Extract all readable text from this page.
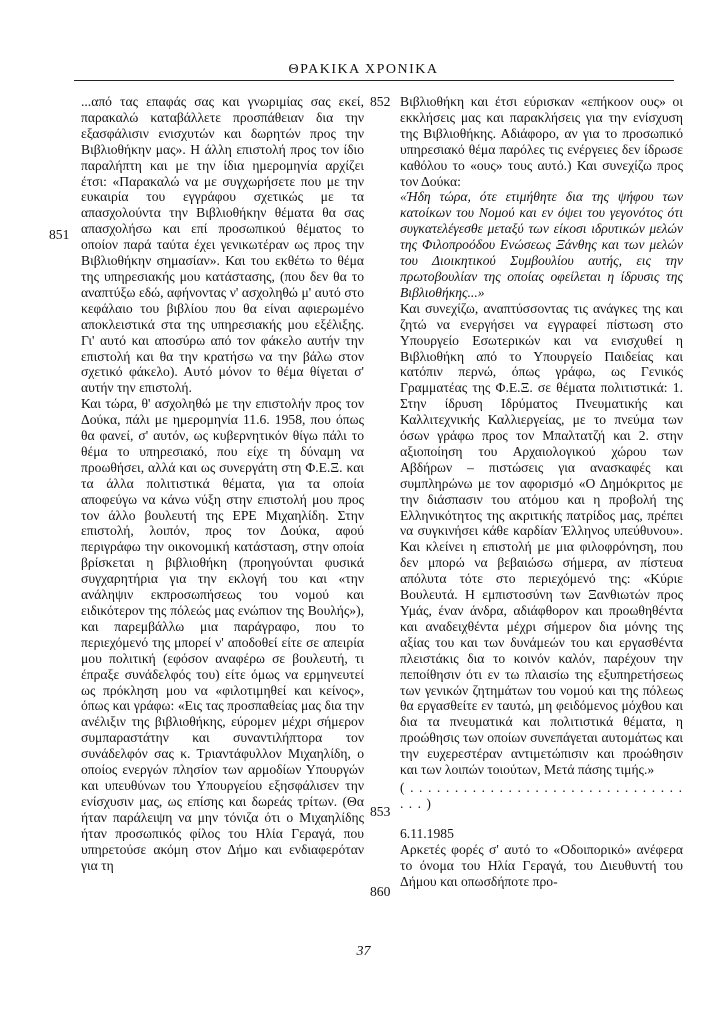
ΘΡΑΚΙΚΑ ΧΡΟΝΙΚΑ
851
852
853
860

...από τας επαφάς σας και γνωριμίας σας εκεί, παρακαλώ καταβάλλετε προσπάθειαν δια την εξασφάλισιν ενισχυτών και δωρητών προς την Βιβλιοθήκην μας». Η άλλη επιστολή προς τον ίδιο παραλήπτη και με την ίδια ημερομηνία αρχίζει έτσι: «Παρακαλώ να με συγχωρήσετε που με την ευκαιρία του εγγράφου σχετικώς με τα απασχολούντα την Βιβλιοθήκην θέματα θα σας απασχολήσω και επί προσωπικού θέματος το οποίον παρά ταύτα έχει γενικωτέραν ως προς την Βιβλιοθήκην σημασίαν». Και του εκθέτω το θέμα της υπηρεσιακής μου κατάστασης, (που δεν θα το αναπτύξω εδώ, αφήνοντας ν' ασχοληθώ μ' αυτό στο κεφάλαιο του βιβλίου που θα είναι αφιερωμένο αποκλειστικά στα της υπηρεσιακής μου εξέλιξης. Γι' αυτό και αποσύρω από τον φάκελο αυτήν την επιστολή και θα την κρατήσω να την βάλω στον σχετικό φάκελο). Αυτό μόνον το θέμα θίγεται σ' αυτήν την επιστολή.

Και τώρα, θ' ασχοληθώ με την επιστολήν προς τον Δούκα, πάλι με ημερομηνία 11.6. 1958, που όπως θα φανεί, σ' αυτόν, ως κυβερνητικόν θίγω πάλι το θέμα το υπηρεσιακό, που είχε τη δύναμη να προωθήσει, αλλά και ως συνεργάτη στη Φ.Ε.Ξ. και τα άλλα πολιτιστικά θέματα, για τα οποία αποφεύγω να κάνω νύξη στην επιστολή μου προς τον άλλο βουλευτή της ΕΡΕ Μιχαηλίδη. Στην επιστολή, λοιπόν, προς τον Δούκα, αφού περιγράφω την οικονομική κατάσταση, στην οποία βρίσκεται η βιβλιοθήκη (προηγούνται φυσικά συγχαρητήρια για την εκλογή του και «την ανάληψιν εκπροσωπήσεως του νομού και ειδικότερον της πόλεώς μας ενώπιον της Βουλής»), και παρεμβάλλω μια παράγραφο, που το περιεχόμενό της μπορεί ν' αποδοθεί είτε σε απειρία μου πολιτική (εφόσον αναφέρω σε βουλευτή, τι έπραξε συνάδελφός του) είτε όμως να ερμηνευτεί ως πρόκληση μου να «φιλοτιμηθεί και κείνος», όπως και γράφω: «Εις τας προσπαθείας μας δια την ανέλιξιν της βιβλιοθήκης, εύρομεν μέχρι σήμερον συμπαραστάτην και συναντιλήπτορα τον συνάδελφόν σας κ. Τριαντάφυλλον Μιχαηλίδη, ο οποίος ενεργών πλησίον των αρμοδίων Υπουργών και υπευθύνων του Υπουργείου εξησφάλισεν την ενίσχυσιν μας, ως επίσης και δωρεάς τρίτων. (Θα ήταν παράλειψη να μην τόνιζα ότι ο Μιχαηλίδης ήταν προσωπικός φίλος του Ηλία Γεραγά, που υπηρετούσε ακόμη στον Δήμο και ενδιαφερόταν για τη

Βιβλιοθήκη και έτσι εύρισκαν «επήκοον ους» οι εκκλήσεις μας και παρακλήσεις για την ενίσχυση της Βιβλιοθήκης. Αδιάφορο, αν για το προσωπικό υπηρεσιακό θέμα παρόλες τις ενέργειες δεν ίδρωσε καθόλου το «ους» τους αυτό.) Και συνεχίζω προς τον Δούκα:

«Ήδη τώρα, ότε ετιμήθητε δια της ψήφου των κατοίκων του Νομού και εν όψει του γεγονότος ότι συγκατελέγεσθε μεταξύ των είκοσι ιδρυτικών μελών της Φιλοπροόδου Ενώσεως Ξάνθης και των μελών του Διοικητικού Συμβουλίου αυτής, εις την πρωτοβουλίαν της οποίας οφείλεται η ίδρυσις της Βιβλιοθήκης...»

Και συνεχίζω, αναπτύσσοντας τις ανάγκες της και ζητώ να ενεργήσει να εγγραφεί πίστωση στο Υπουργείο Εσωτερικών και να ενισχυθεί η Βιβλιοθήκη από το Υπουργείο Παιδείας και κατόπιν περνώ, όπως γράφω, ως Γενικός Γραμματέας της Φ.Ε.Ξ. σε θέματα πολιτιστικά: 1. Στην ίδρυση Ιδρύματος Πνευματικής και Καλλιτεχνικής Καλλιεργείας, με το πνεύμα των όσων γράφω προς τον Μπαλτατζή και 2. στην αξιοποίηση του Αρχαιολογικού χώρου των Αβδήρων – πιστώσεις για ανασκαφές και συμπληρώνω με τον αφορισμό «Ο Δημόκριτος με την διάσπασιν του ατόμου και η προβολή της Ελληνικότητος της ακριτικής πατρίδος μας, πρέπει να συγκινήσει κάθε καρδίαν Έλληνος υπεύθυνου». Και κλείνει η επιστολή με μια φιλοφρόνηση, που δεν μπορώ να βεβαιώσω σήμερα, αν πίστευα απόλυτα τότε στο περιεχόμενό της: «Κύριε Βουλευτά. Η εμπιστοσύνη των Ξανθιωτών προς Υμάς, έναν άνδρα, αδιάφθορον και προωθηθέντα και αναδειχθέντα μέχρι σήμερον δια μόνης της αξίας του και των δυνάμεών του και εργασθέντα πλειστάκις δια το κοινόν καλόν, παρέχουν την πεποίθησιν ότι εν τω πλαισίω της εξυπηρετήσεως των γενικών ζητημάτων του νομού και της πόλεως θα εργασθείτε εν ταυτώ, μη φειδόμενος μόχθου και δια τα πνευματικά και πολιτιστικά θέματα, η προώθησις των οποίων συνεπάγεται αυτομάτως και την ευχερεστέραν αντιμετώπισιν και προώθησιν και των λοιπών τοιούτων, Μετά πάσης τιμής.»

( . . . . . . . . . . . . . . . . . . . . . . . . . . . . . . . . . . )

6.11.1985

Αρκετές φορές σ' αυτό το «Οδοιπορικό» ανέφερα το όνομα του Ηλία Γεραγά, του Διευθυντή του Δήμου και οπωσδήποτε προ-

37
